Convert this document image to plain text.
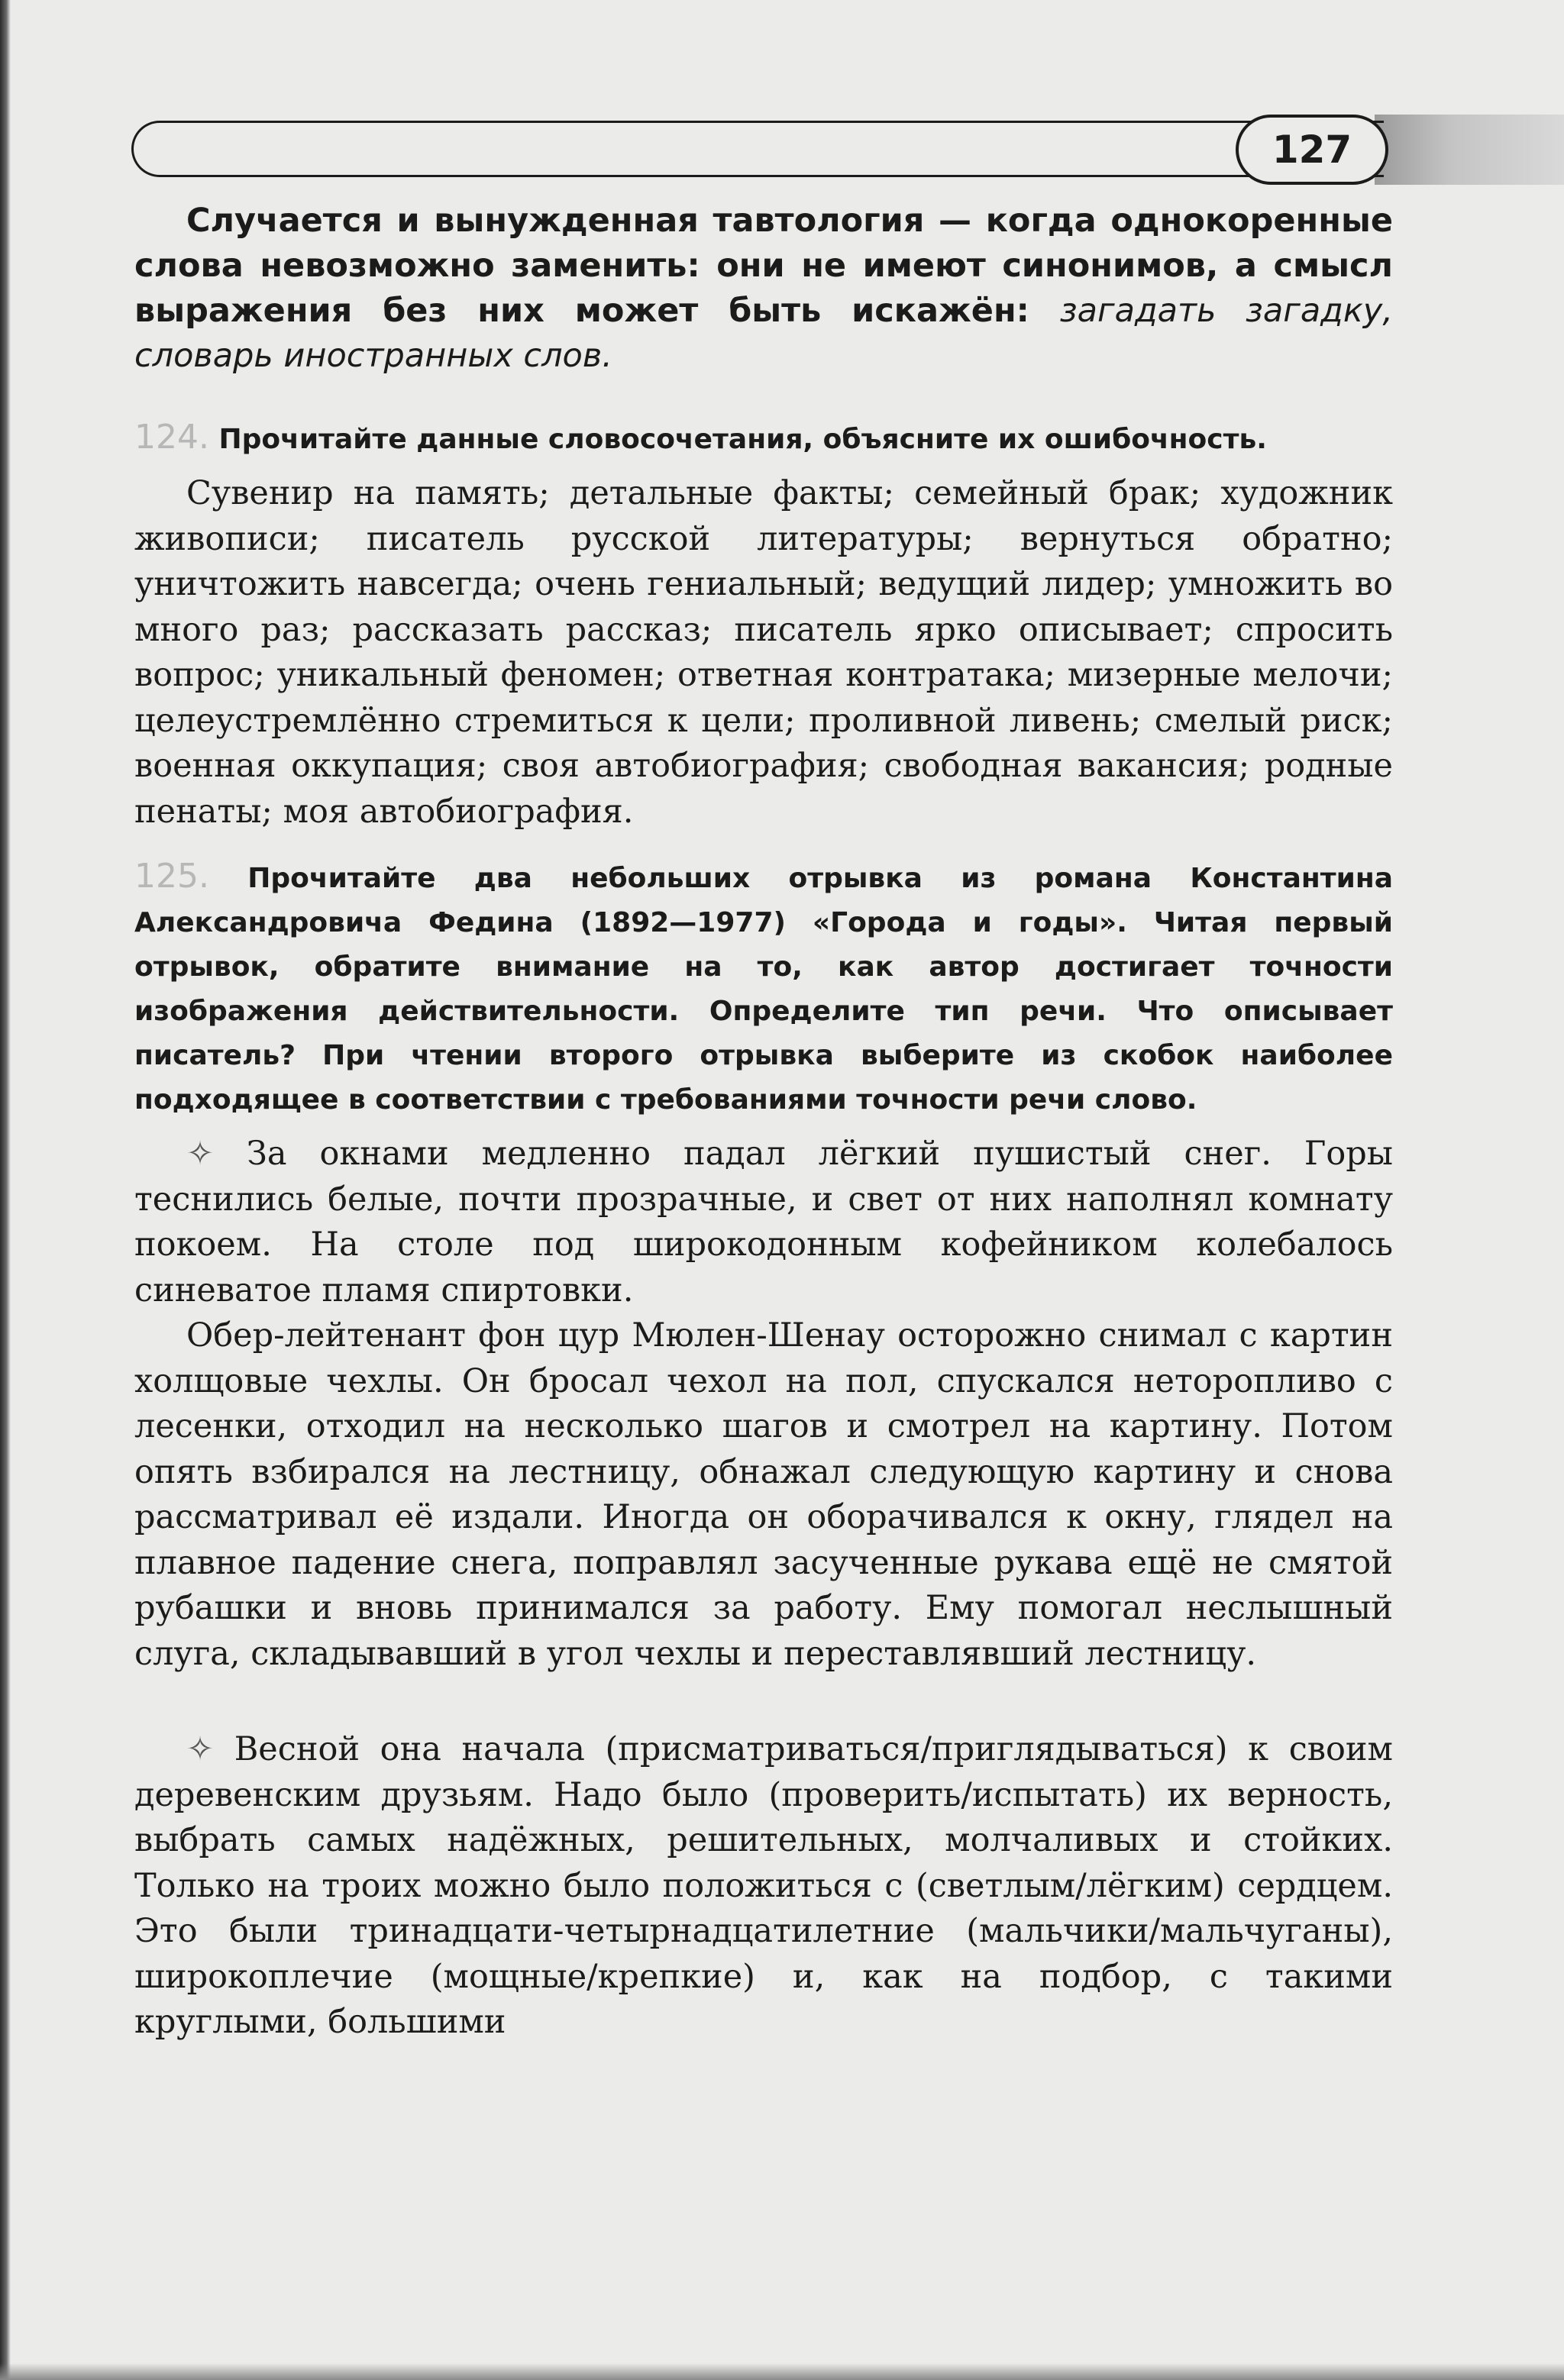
127

Случается и вынужденная тавтология — когда однокоренные слова невозможно заменить: они не имеют синонимов, а смысл выражения без них может быть искажён: загадать загадку, словарь иностранных слов.

124. Прочитайте данные словосочетания, объясните их ошибочность.

Сувенир на память; детальные факты; семейный брак; художник живописи; писатель русской литературы; вернуться обратно; уничтожить навсегда; очень гениальный; ведущий лидер; умножить во много раз; рассказать рассказ; писатель ярко описывает; спросить вопрос; уникальный феномен; ответная контратака; мизерные мелочи; целеустремлённо стремиться к цели; проливной ливень; смелый риск; военная оккупация; своя автобиография; свободная вакансия; родные пенаты; моя автобиография.

125. Прочитайте два небольших отрывка из романа Константина Александровича Федина (1892—1977) «Города и годы». Читая первый отрывок, обратите внимание на то, как автор достигает точности изображения действительности. Определите тип речи. Что описывает писатель? При чтении второго отрывка выберите из скобок наиболее подходящее в соответствии с требованиями точности речи слово.

✧ За окнами медленно падал лёгкий пушистый снег. Горы теснились белые, почти прозрачные, и свет от них наполнял комнату покоем. На столе под широкодонным кофейником колебалось синеватое пламя спиртовки.

Обер-лейтенант фон цур Мюлен-Шенау осторожно снимал с картин холщовые чехлы. Он бросал чехол на пол, спускался неторопливо с лесенки, отходил на несколько шагов и смотрел на картину. Потом опять взбирался на лестницу, обнажал следующую картину и снова рассматривал её издали. Иногда он оборачивался к окну, глядел на плавное падение снега, поправлял засученные рукава ещё не смятой рубашки и вновь принимался за работу. Ему помогал неслышный слуга, складывавший в угол чехлы и переставлявший лестницу.

✧ Весной она начала (присматриваться/приглядываться) к своим деревенским друзьям. Надо было (проверить/испытать) их верность, выбрать самых надёжных, решительных, молчаливых и стойких. Только на троих можно было положиться с (светлым/лёгким) сердцем. Это были тринадцати-четырнадцатилетние (мальчики/мальчуганы), широкоплечие (мощные/крепкие) и, как на подбор, с такими круглыми, большими
